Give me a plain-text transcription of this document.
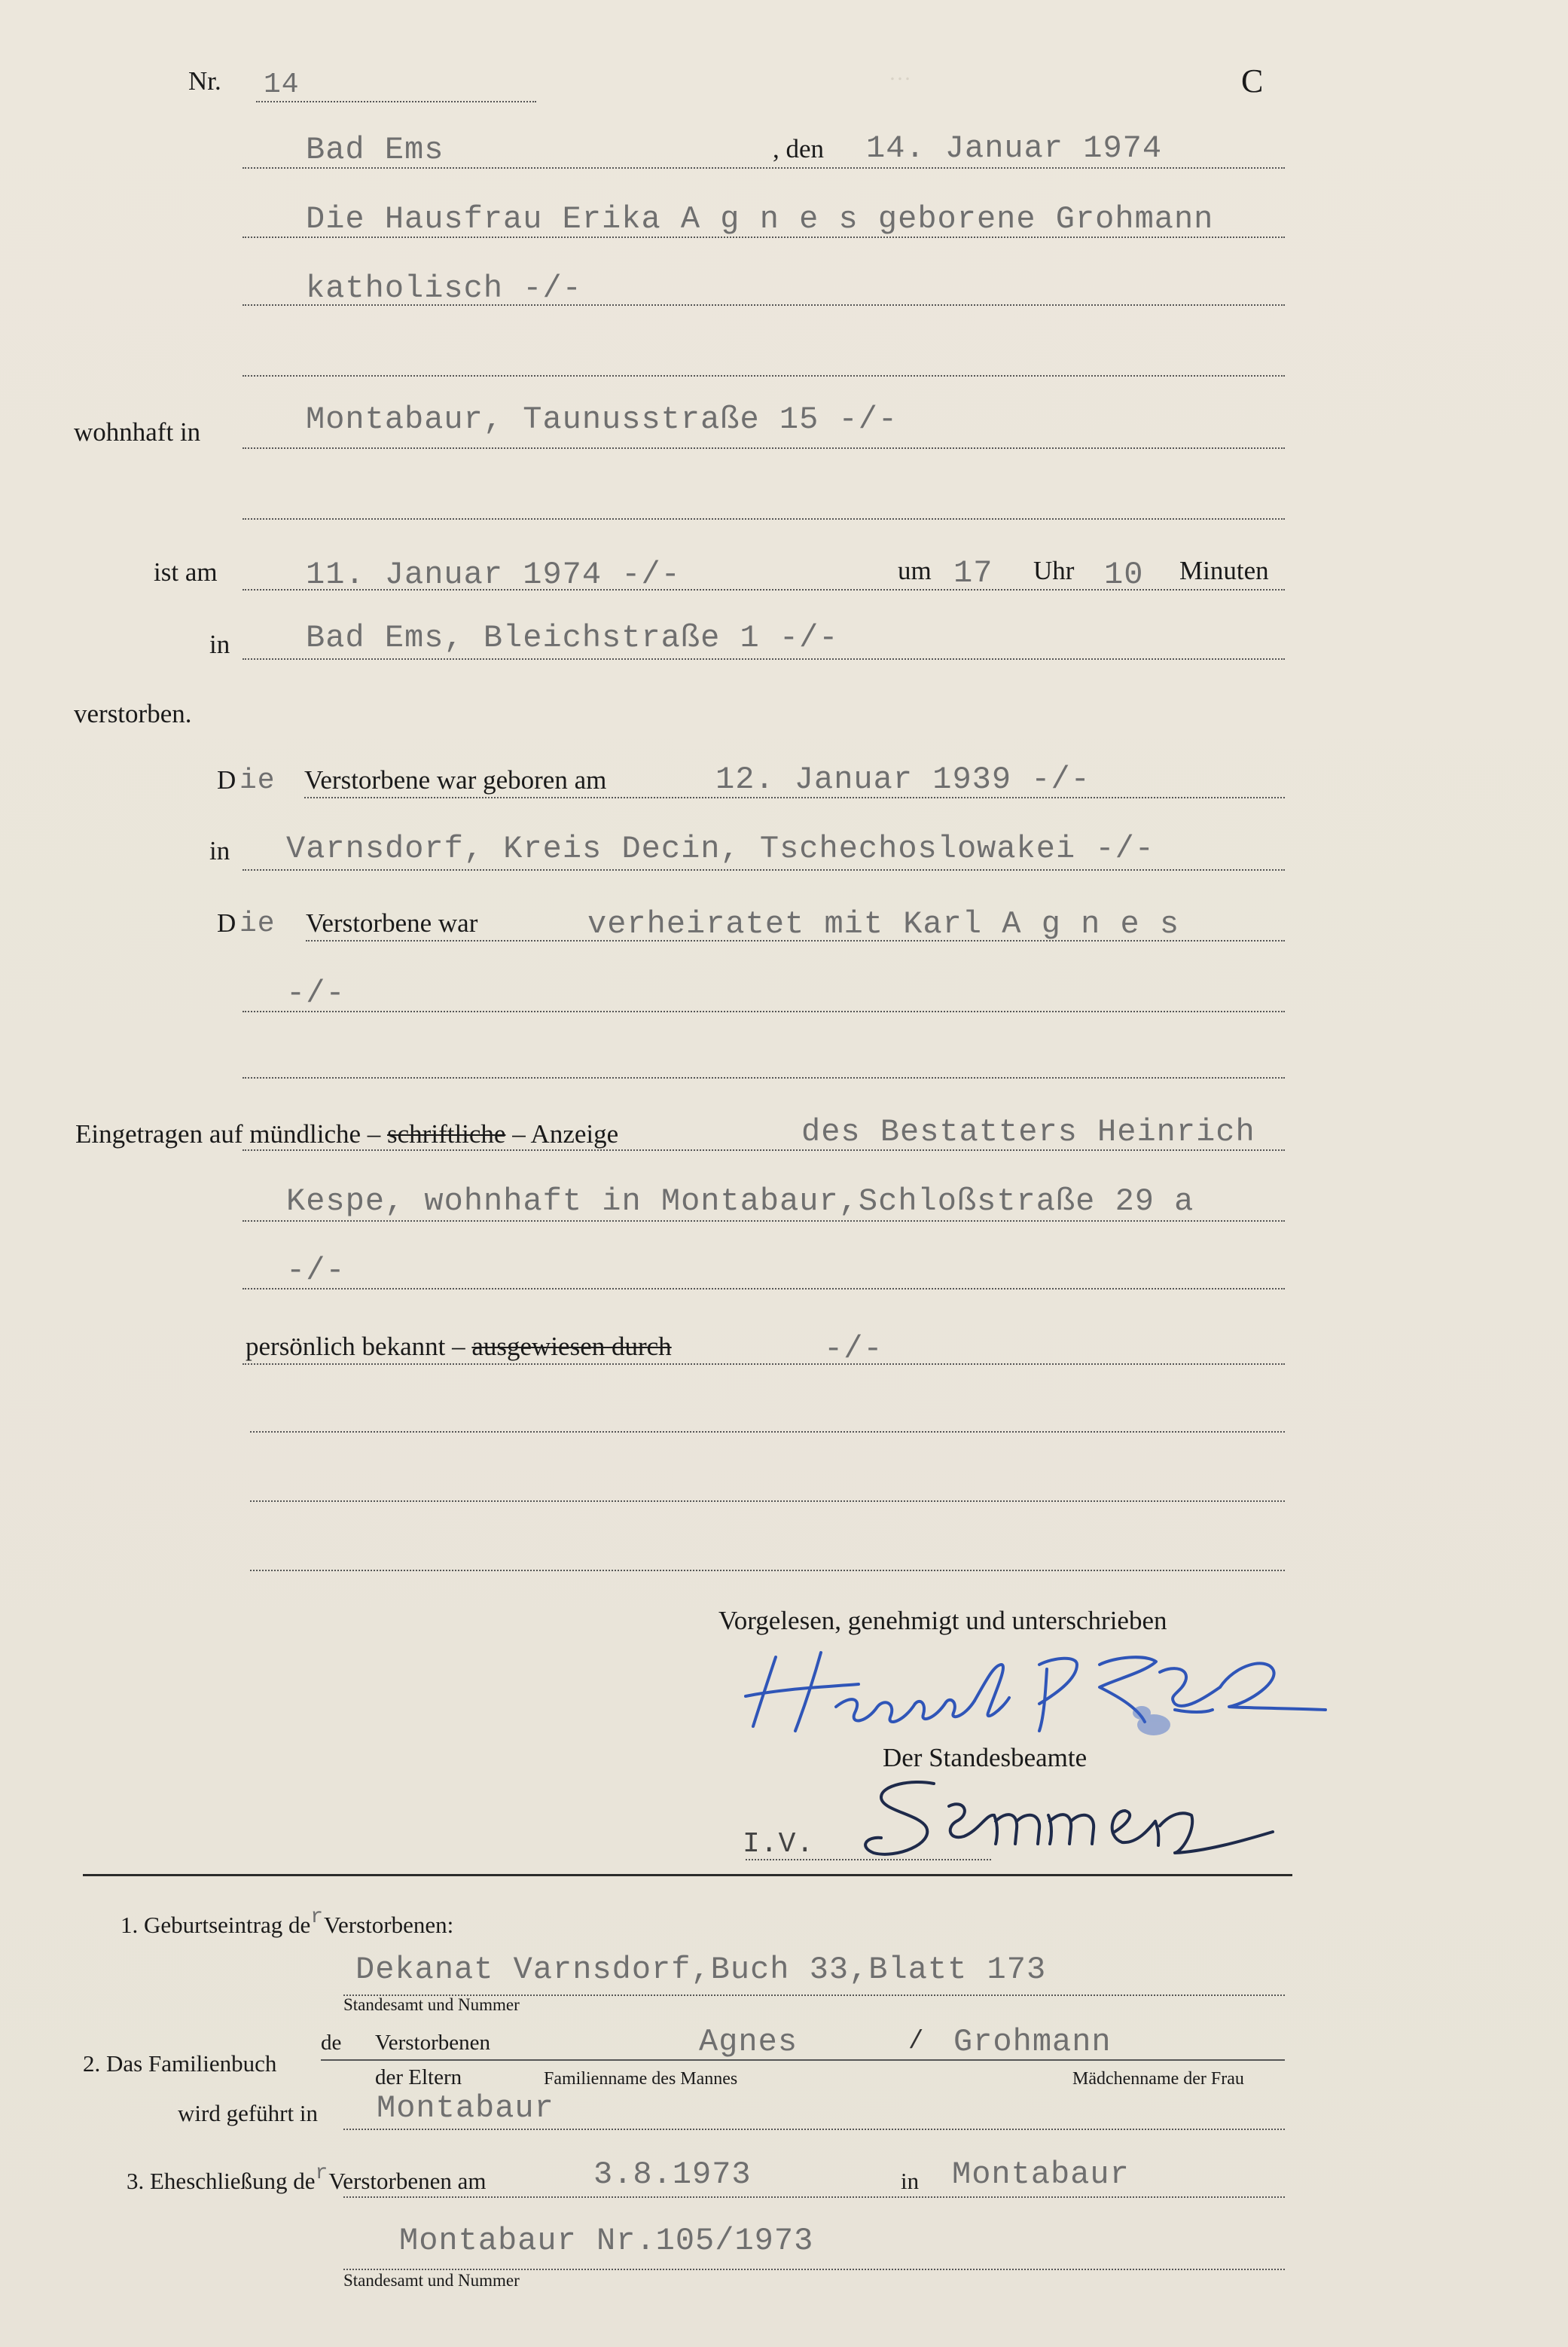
…
Nr. 14	C
Bad Ems	, den 14. Januar 1974
Die Hausfrau Erika A g n e s geborene Grohmann
katholisch -/-
wohnhaft in	Montabaur, Taunusstraße 15 -/-
ist am	11. Januar 1974 -/-	um 17 Uhr 10 Minuten
in Bad Ems, Bleichstraße 1 -/-
verstorben.
D ie Verstorbene war geboren am	12. Januar 1939 -/-
in Varnsdorf, Kreis Decin, Tschechoslowakei -/-
D ie Verstorbene war	verheiratet mit Karl A g n e s
-/-
Eingetragen auf mündliche – schriftliche – Anzeige	des Bestatters Heinrich
Kespe, wohnhaft in Montabaur,Schloßstraße 29 a
-/-
persönlich bekannt – ausgewiesen durch	-/-
Vorgelesen, genehmigt und unterschrieben
Der Standesbeamte
I.V.
1. Geburtseintrag derVerstorbenen:
Dekanat Varnsdorf,Buch 33,Blatt 173
Standesamt und Nummer
2. Das Familienbuch
de Verstorbenen	Agnes	/ Grohmann
der Eltern	Familienname des Mannes	Mädchenname der Frau
wird geführt in Montabaur
3. Eheschließung derVerstorbenen am	3.8.1973	in Montabaur
Montabaur Nr.105/1973
Standesamt und Nummer
